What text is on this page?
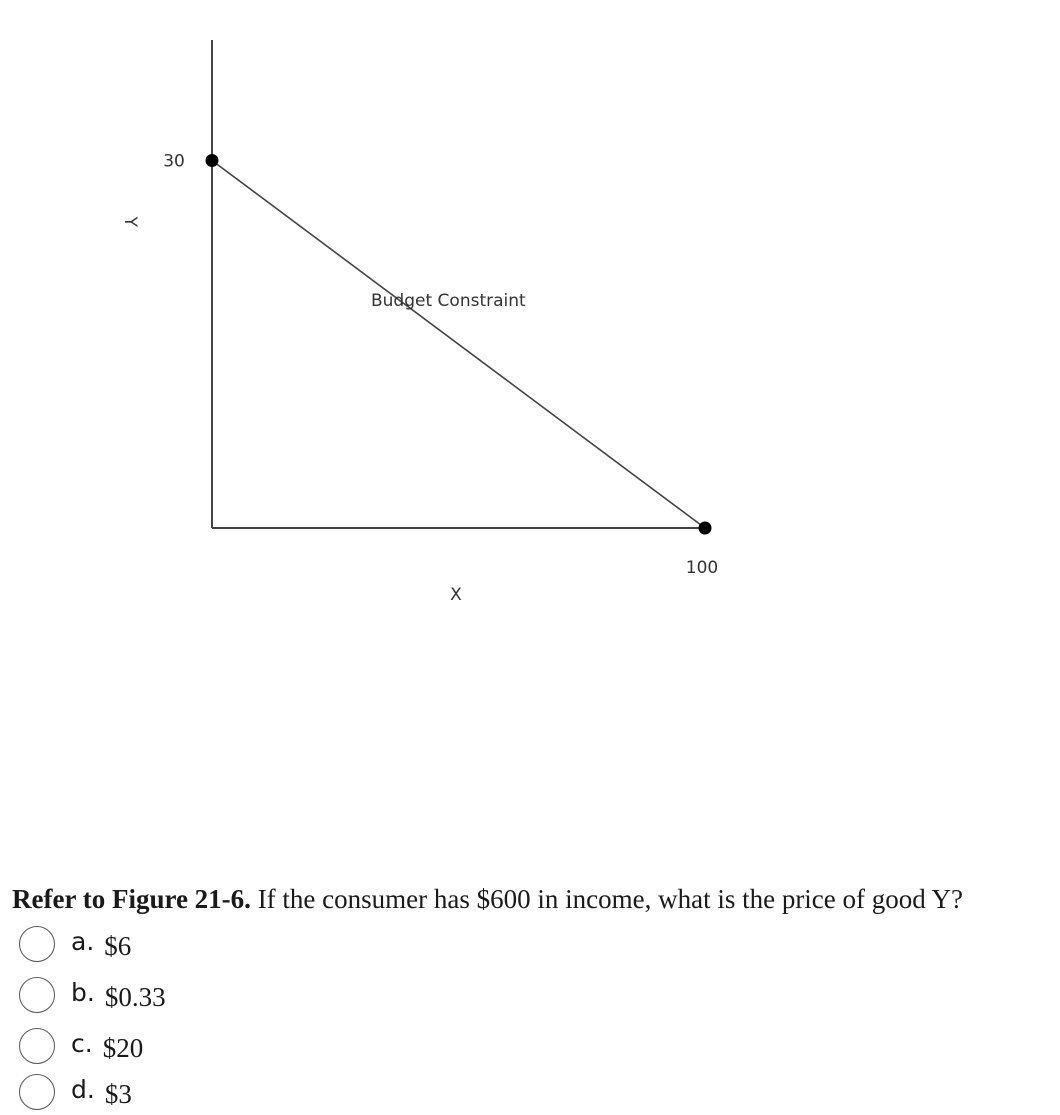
30
100
Y
X
Budget Constraint
Refer to Figure 21-6. If the consumer has $600 in income, what is the price of good Y?
a. $6
b. $0.33
c. $20
d. $3
